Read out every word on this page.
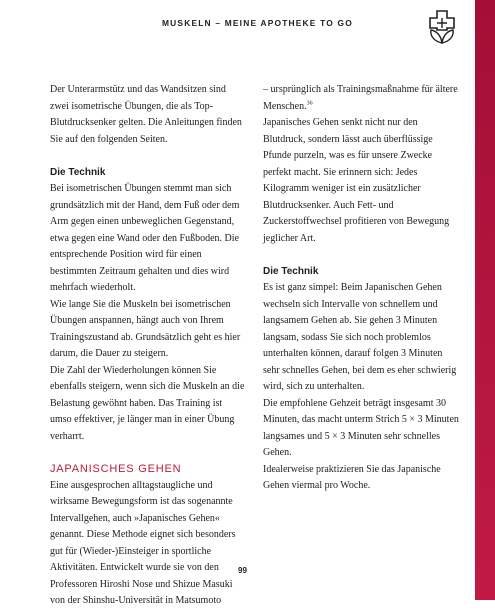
MUSKELN – MEINE APOTHEKE TO GO

Der Unterarmstütz und das Wandsitzen sind zwei isometrische Übungen, die als Top-Blutdrucksenker gelten. Die Anleitungen finden Sie auf den folgenden Seiten.

Die Technik

Bei isometrischen Übungen stemmt man sich grundsätzlich mit der Hand, dem Fuß oder dem Arm gegen einen unbeweglichen Gegenstand, etwa gegen eine Wand oder den Fußboden. Die entsprechende Position wird für einen bestimmten Zeitraum gehalten und dies wird mehrfach wiederholt.

Wie lange Sie die Muskeln bei isometrischen Übungen anspannen, hängt auch von Ihrem Trainingszustand ab. Grundsätzlich geht es hier darum, die Dauer zu steigern.

Die Zahl der Wiederholungen können Sie ebenfalls steigern, wenn sich die Muskeln an die Belastung gewöhnt haben. Das Training ist umso effektiver, je länger man in einer Übung verharrt.

JAPANISCHES GEHEN

Eine ausgesprochen alltagstaugliche und wirksame Bewegungsform ist das sogenannte Intervallgehen, auch »Japanisches Gehen« genannt. Diese Methode eignet sich besonders gut für (Wieder-)Einsteiger in sportliche Aktivitäten. Entwickelt wurde sie von den Professoren Hiroshi Nose und Shizue Masuki von der Shinshu-Universität in Matsumoto

– ursprünglich als Trainingsmaßnahme für ältere Menschen.$^{36}$

Japanisches Gehen senkt nicht nur den Blutdruck, sondern lässt auch überflüssige Pfunde purzeln, was es für unsere Zwecke perfekt macht. Sie erinnern sich: Jedes Kilogramm weniger ist ein zusätzlicher Blutdrucksenker. Auch Fett- und Zuckerstoffwechsel profitieren von Bewegung jeglicher Art.

Die Technik

Es ist ganz simpel: Beim Japanischen Gehen wechseln sich Intervalle von schnellem und langsamem Gehen ab. Sie gehen 3 Minuten langsam, sodass Sie sich noch problemlos unterhalten können, darauf folgen 3 Minuten sehr schnelles Gehen, bei dem es eher schwierig wird, sich zu unterhalten.

Die empfohlene Gehzeit beträgt insgesamt 30 Minuten, das macht unterm Strich 5 × 3 Minuten langsames und 5 × 3 Minuten sehr schnelles Gehen.

Idealerweise praktizieren Sie das Japanische Gehen viermal pro Woche.

99
